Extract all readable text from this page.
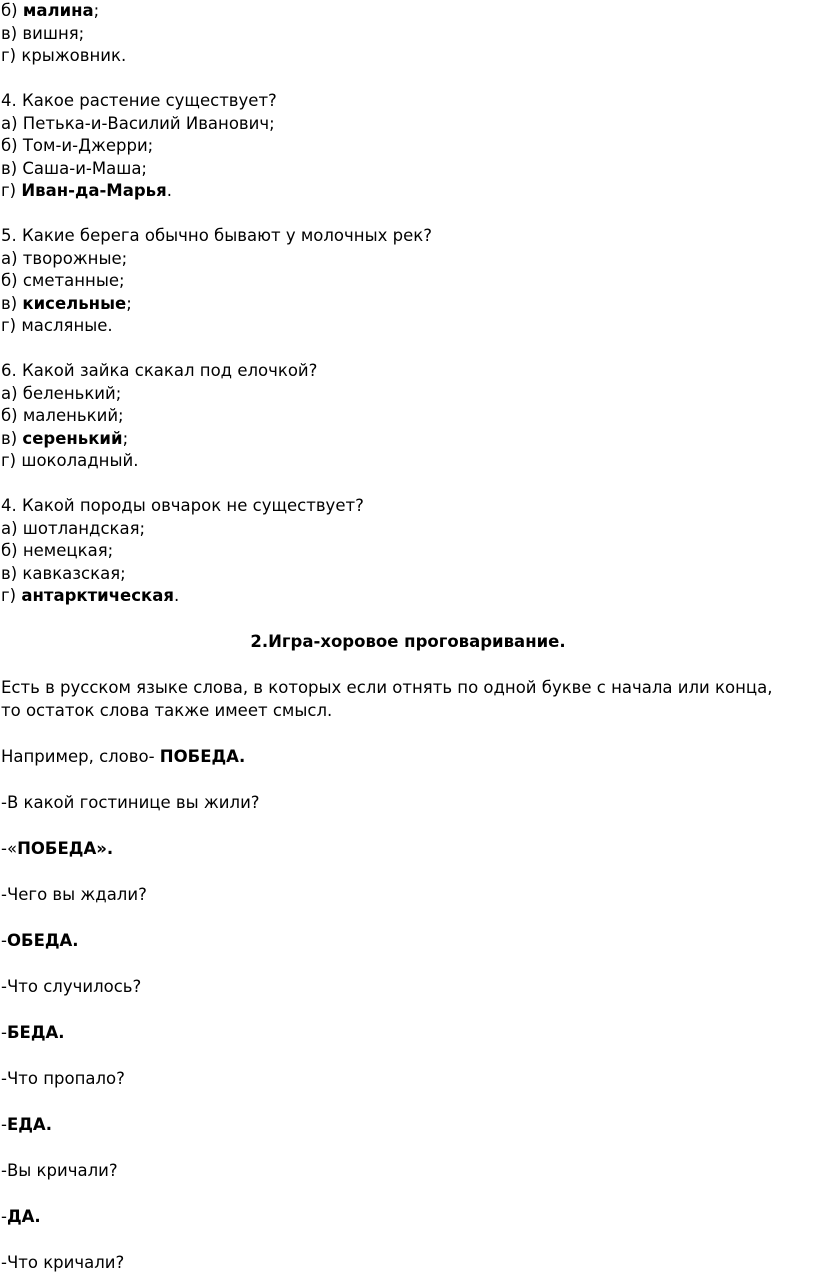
б) малина;
в) вишня;
г) крыжовник.
4. Какое растение существует?
а) Петька-и-Василий Иванович;
б) Том-и-Джерри;
в) Саша-и-Маша;
г) Иван-да-Марья.
5. Какие берега обычно бывают у молочных рек?
а) творожные;
б) сметанные;
в) кисельные;
г) масляные.
6. Какой зайка скакал под елочкой?
а) беленький;
б) маленький;
в) серенький;
г) шоколадный.
4. Какой породы овчарок не существует?
а) шотландская;
б) немецкая;
в) кавказская;
г) антарктическая.
2.Игра-хоровое проговаривание.
Есть в русском языке слова, в которых если отнять по одной букве с начала или конца,
то остаток слова также имеет смысл.
Например, слово- ПОБЕДА.
-В какой гостинице вы жили?
-«ПОБЕДА».
-Чего вы ждали?
-ОБЕДА.
-Что случилось?
-БЕДА.
-Что пропало?
-ЕДА.
-Вы кричали?
-ДА.
-Что кричали?
